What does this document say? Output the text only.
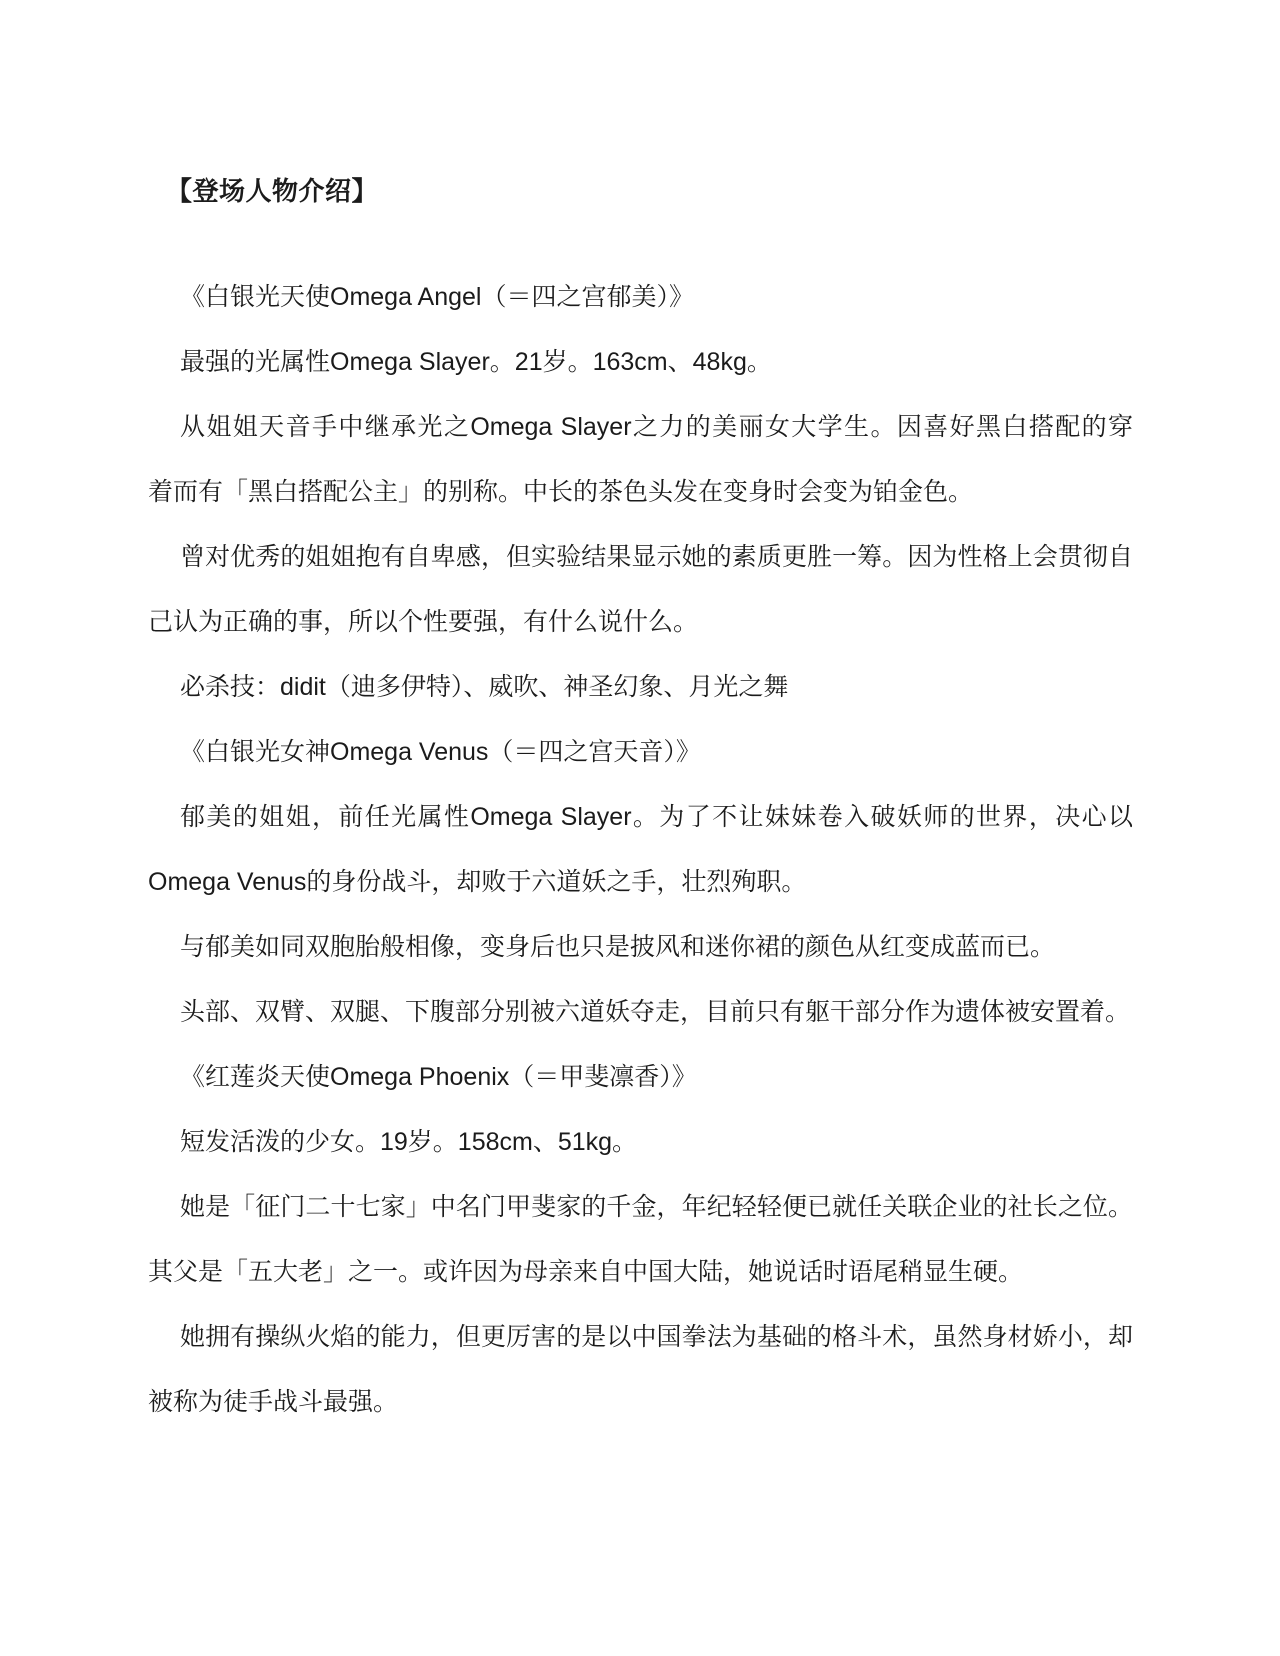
【登场人物介绍】
《白银光天使Omega Angel（＝四之宫郁美）》
最强的光属性Omega Slayer。21岁。163cm、48kg。
从姐姐天音手中继承光之Omega Slayer之力的美丽女大学生。因喜好黑白搭配的穿
着而有「黑白搭配公主」的别称。中长的茶色头发在变身时会变为铂金色。
曾对优秀的姐姐抱有自卑感，但实验结果显示她的素质更胜一筹。因为性格上会贯彻自
己认为正确的事，所以个性要强，有什么说什么。
必杀技：didit（迪多伊特）、威吹、神圣幻象、月光之舞
《白银光女神Omega Venus（＝四之宫天音）》
郁美的姐姐，前任光属性Omega Slayer。为了不让妹妹卷入破妖师的世界，决心以
Omega Venus的身份战斗，却败于六道妖之手，壮烈殉职。
与郁美如同双胞胎般相像，变身后也只是披风和迷你裙的颜色从红变成蓝而已。
头部、双臂、双腿、下腹部分别被六道妖夺走，目前只有躯干部分作为遗体被安置着。
《红莲炎天使Omega Phoenix（＝甲斐凛香）》
短发活泼的少女。19岁。158cm、51kg。
她是「征门二十七家」中名门甲斐家的千金，年纪轻轻便已就任关联企业的社长之位。
其父是「五大老」之一。或许因为母亲来自中国大陆，她说话时语尾稍显生硬。
她拥有操纵火焰的能力，但更厉害的是以中国拳法为基础的格斗术，虽然身材娇小，却
被称为徒手战斗最强。
